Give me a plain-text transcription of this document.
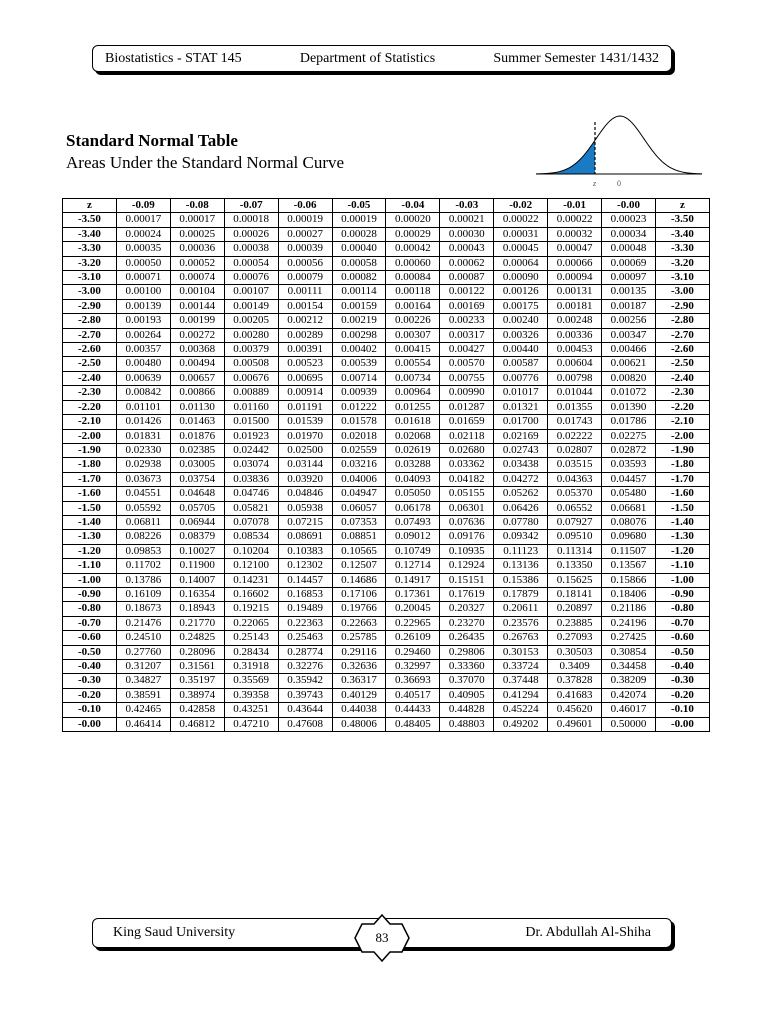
Biostatistics - STAT 145	Department of Statistics	Summer Semester 1431/1432
Standard Normal Table
Areas Under the Standard Normal Curve
z	0
z	-0.09	-0.08	-0.07	-0.06	-0.05	-0.04	-0.03	-0.02	-0.01	-0.00	z
-3.50	0.00017	0.00017	0.00018	0.00019	0.00019	0.00020	0.00021	0.00022	0.00022	0.00023	-3.50
-3.40	0.00024	0.00025	0.00026	0.00027	0.00028	0.00029	0.00030	0.00031	0.00032	0.00034	-3.40
-3.30	0.00035	0.00036	0.00038	0.00039	0.00040	0.00042	0.00043	0.00045	0.00047	0.00048	-3.30
-3.20	0.00050	0.00052	0.00054	0.00056	0.00058	0.00060	0.00062	0.00064	0.00066	0.00069	-3.20
-3.10	0.00071	0.00074	0.00076	0.00079	0.00082	0.00084	0.00087	0.00090	0.00094	0.00097	-3.10
-3.00	0.00100	0.00104	0.00107	0.00111	0.00114	0.00118	0.00122	0.00126	0.00131	0.00135	-3.00
-2.90	0.00139	0.00144	0.00149	0.00154	0.00159	0.00164	0.00169	0.00175	0.00181	0.00187	-2.90
-2.80	0.00193	0.00199	0.00205	0.00212	0.00219	0.00226	0.00233	0.00240	0.00248	0.00256	-2.80
-2.70	0.00264	0.00272	0.00280	0.00289	0.00298	0.00307	0.00317	0.00326	0.00336	0.00347	-2.70
-2.60	0.00357	0.00368	0.00379	0.00391	0.00402	0.00415	0.00427	0.00440	0.00453	0.00466	-2.60
-2.50	0.00480	0.00494	0.00508	0.00523	0.00539	0.00554	0.00570	0.00587	0.00604	0.00621	-2.50
-2.40	0.00639	0.00657	0.00676	0.00695	0.00714	0.00734	0.00755	0.00776	0.00798	0.00820	-2.40
-2.30	0.00842	0.00866	0.00889	0.00914	0.00939	0.00964	0.00990	0.01017	0.01044	0.01072	-2.30
-2.20	0.01101	0.01130	0.01160	0.01191	0.01222	0.01255	0.01287	0.01321	0.01355	0.01390	-2.20
-2.10	0.01426	0.01463	0.01500	0.01539	0.01578	0.01618	0.01659	0.01700	0.01743	0.01786	-2.10
-2.00	0.01831	0.01876	0.01923	0.01970	0.02018	0.02068	0.02118	0.02169	0.02222	0.02275	-2.00
-1.90	0.02330	0.02385	0.02442	0.02500	0.02559	0.02619	0.02680	0.02743	0.02807	0.02872	-1.90
-1.80	0.02938	0.03005	0.03074	0.03144	0.03216	0.03288	0.03362	0.03438	0.03515	0.03593	-1.80
-1.70	0.03673	0.03754	0.03836	0.03920	0.04006	0.04093	0.04182	0.04272	0.04363	0.04457	-1.70
-1.60	0.04551	0.04648	0.04746	0.04846	0.04947	0.05050	0.05155	0.05262	0.05370	0.05480	-1.60
-1.50	0.05592	0.05705	0.05821	0.05938	0.06057	0.06178	0.06301	0.06426	0.06552	0.06681	-1.50
-1.40	0.06811	0.06944	0.07078	0.07215	0.07353	0.07493	0.07636	0.07780	0.07927	0.08076	-1.40
-1.30	0.08226	0.08379	0.08534	0.08691	0.08851	0.09012	0.09176	0.09342	0.09510	0.09680	-1.30
-1.20	0.09853	0.10027	0.10204	0.10383	0.10565	0.10749	0.10935	0.11123	0.11314	0.11507	-1.20
-1.10	0.11702	0.11900	0.12100	0.12302	0.12507	0.12714	0.12924	0.13136	0.13350	0.13567	-1.10
-1.00	0.13786	0.14007	0.14231	0.14457	0.14686	0.14917	0.15151	0.15386	0.15625	0.15866	-1.00
-0.90	0.16109	0.16354	0.16602	0.16853	0.17106	0.17361	0.17619	0.17879	0.18141	0.18406	-0.90
-0.80	0.18673	0.18943	0.19215	0.19489	0.19766	0.20045	0.20327	0.20611	0.20897	0.21186	-0.80
-0.70	0.21476	0.21770	0.22065	0.22363	0.22663	0.22965	0.23270	0.23576	0.23885	0.24196	-0.70
-0.60	0.24510	0.24825	0.25143	0.25463	0.25785	0.26109	0.26435	0.26763	0.27093	0.27425	-0.60
-0.50	0.27760	0.28096	0.28434	0.28774	0.29116	0.29460	0.29806	0.30153	0.30503	0.30854	-0.50
-0.40	0.31207	0.31561	0.31918	0.32276	0.32636	0.32997	0.33360	0.33724	0.3409	0.34458	-0.40
-0.30	0.34827	0.35197	0.35569	0.35942	0.36317	0.36693	0.37070	0.37448	0.37828	0.38209	-0.30
-0.20	0.38591	0.38974	0.39358	0.39743	0.40129	0.40517	0.40905	0.41294	0.41683	0.42074	-0.20
-0.10	0.42465	0.42858	0.43251	0.43644	0.44038	0.44433	0.44828	0.45224	0.45620	0.46017	-0.10
-0.00	0.46414	0.46812	0.47210	0.47608	0.48006	0.48405	0.48803	0.49202	0.49601	0.50000	-0.00
King Saud University	Dr. Abdullah Al-Shiha
83
